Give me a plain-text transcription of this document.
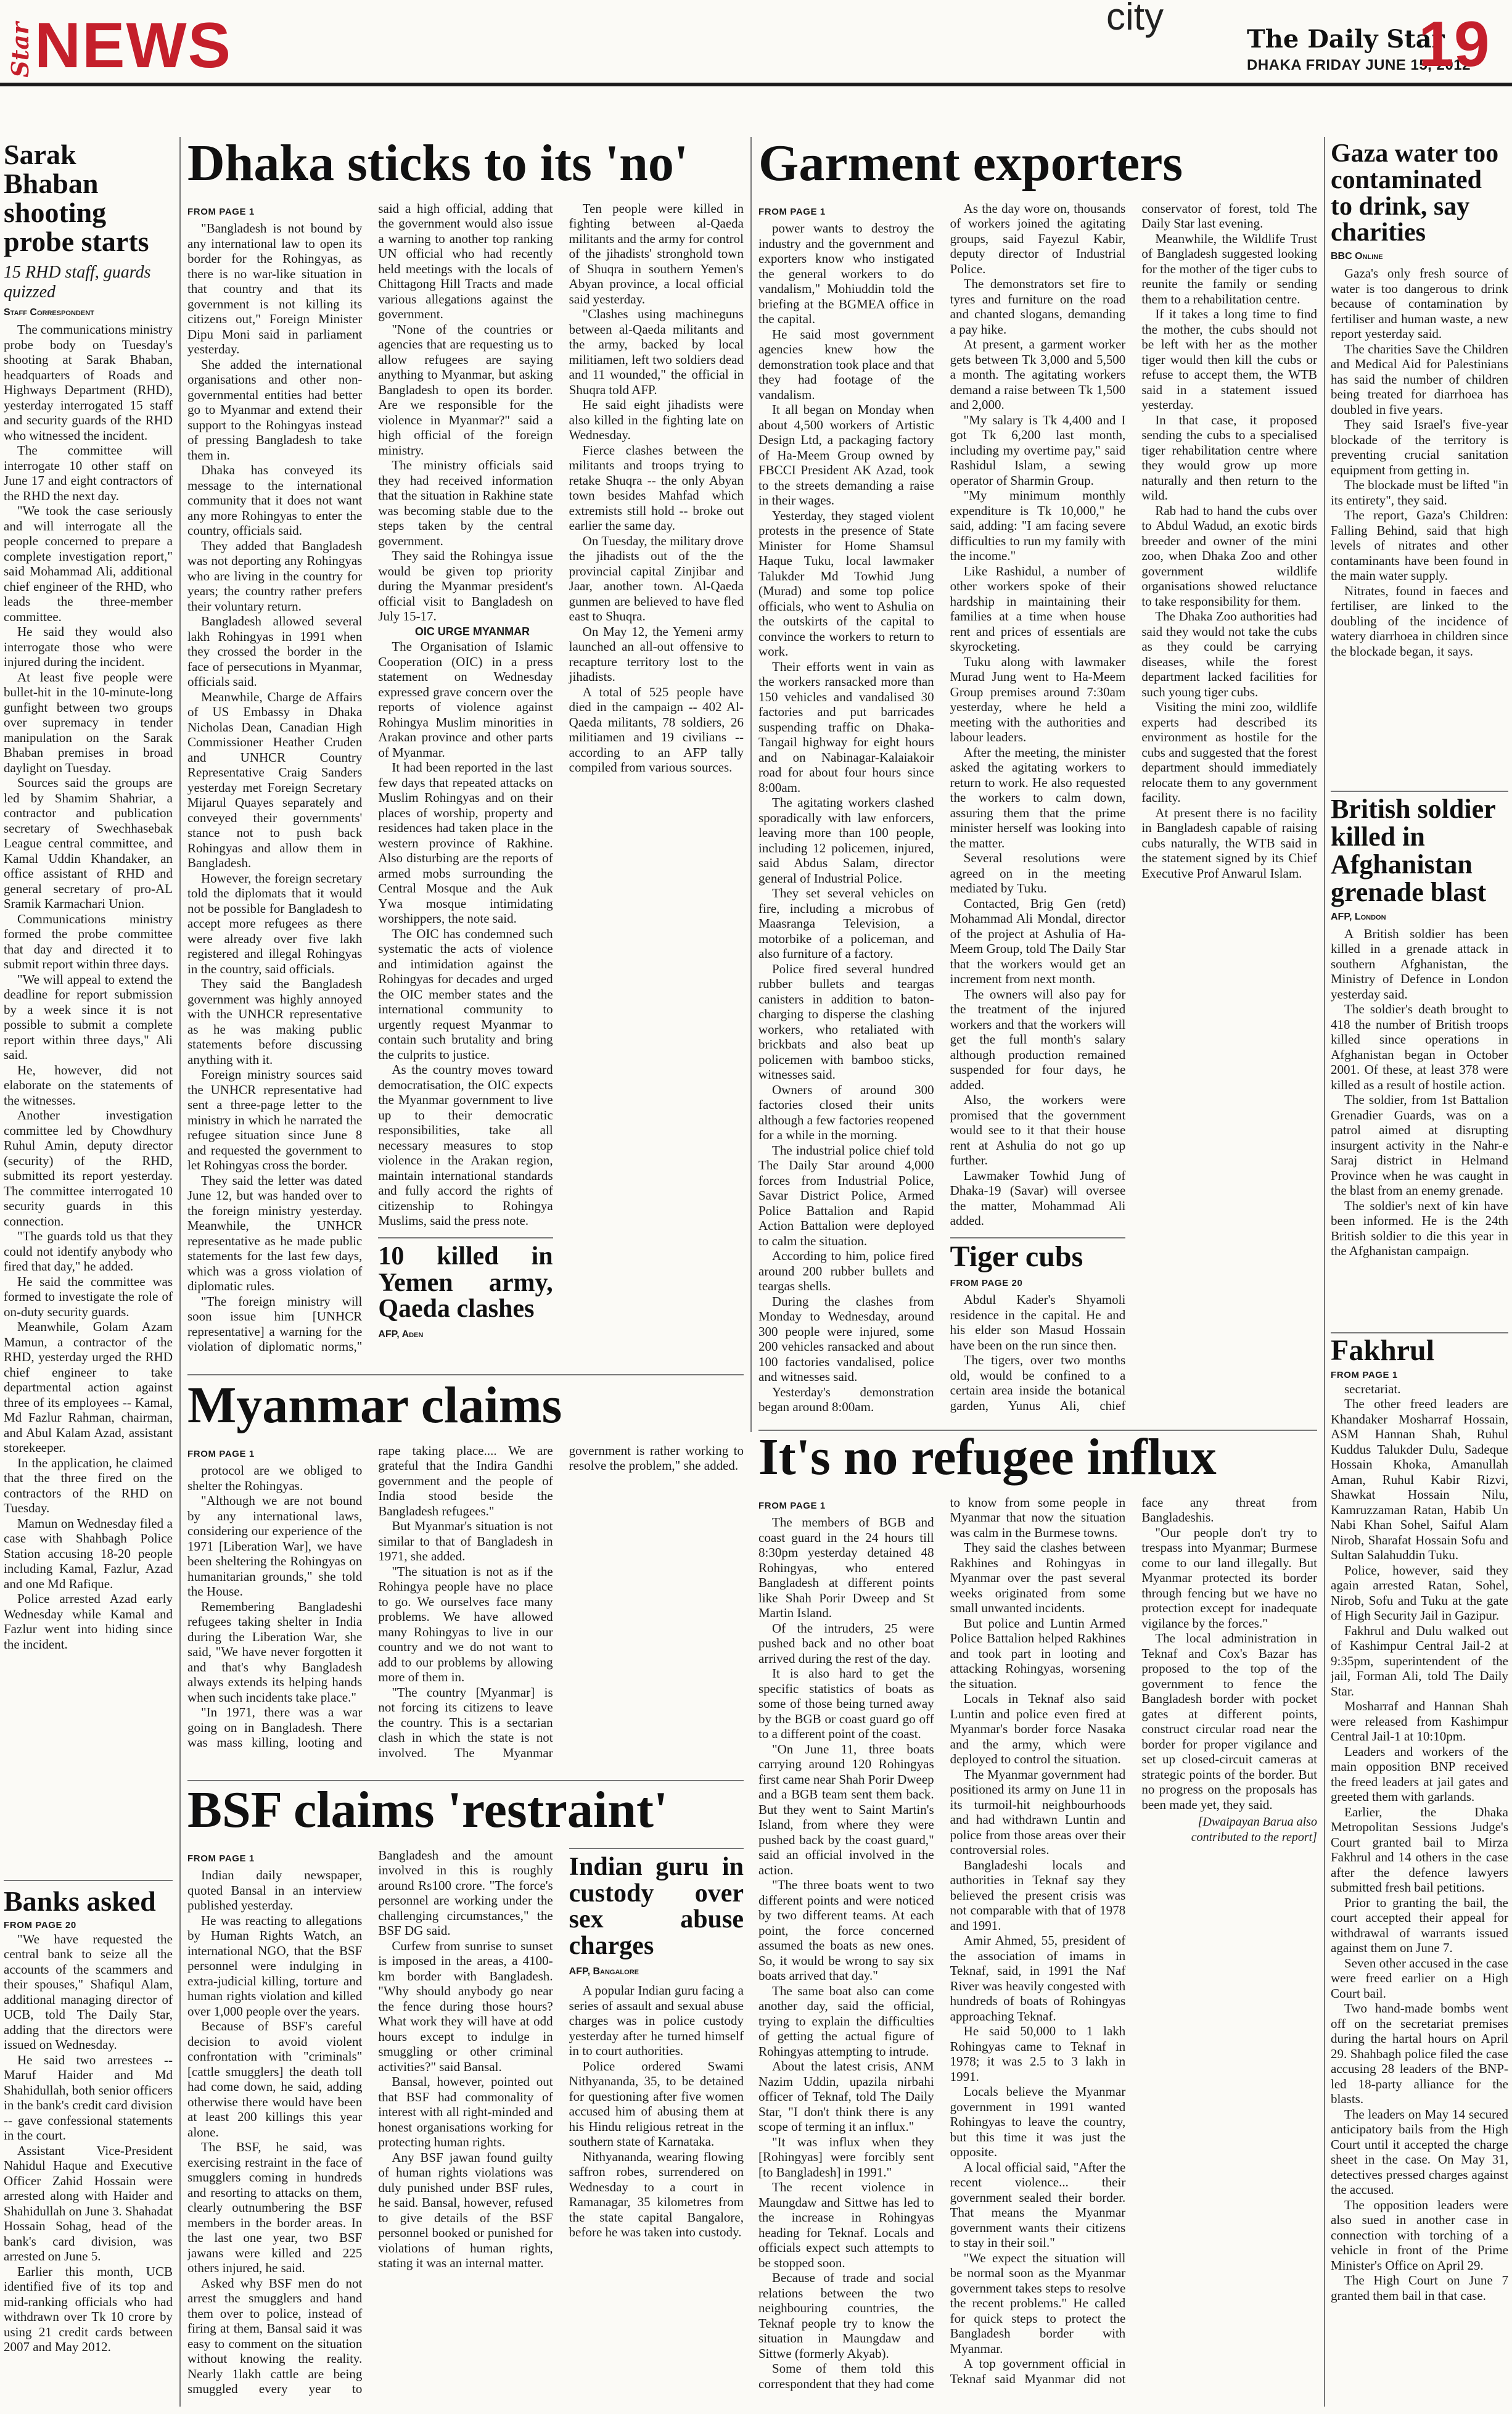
Star NEWS	city
The Daily Star
DHAKA FRIDAY JUNE 15, 2012
19
Sarak Bhaban shooting probe starts
15 RHD staff, guards quizzed
Staff Correspondent

The communications ministry probe body on Tuesday's shooting at Sarak Bhaban, headquarters of Roads and Highways Department (RHD), yesterday interrogated 15 staff and security guards of the RHD who witnessed the incident.

The committee will interrogate 10 other staff on June 17 and eight contractors of the RHD the next day.

"We took the case seriously and will interrogate all the people concerned to prepare a complete investigation report," said Mohammad Ali, additional chief engineer of the RHD, who leads the three-member committee.

He said they would also interrogate those who were injured during the incident.

At least five people were bullet-hit in the 10-minute-long gunfight between two groups over supremacy in tender manipulation on the Sarak Bhaban premises in broad daylight on Tuesday.

Sources said the groups are led by Shamim Shahriar, a contractor and publication secretary of Swechhasebak League central committee, and Kamal Uddin Khandaker, an office assistant of RHD and general secretary of pro-AL Sramik Karmachari Union.

Communications ministry formed the probe committee that day and directed it to submit report within three days.

"We will appeal to extend the deadline for report submission by a week since it is not possible to submit a complete report within three days," Ali said.

He, however, did not elaborate on the statements of the witnesses.

Another investigation committee led by Chowdhury Ruhul Amin, deputy director (security) of the RHD, submitted its report yesterday. The committee interrogated 10 security guards in this connection.

"The guards told us that they could not identify anybody who fired that day," he added.

He said the committee was formed to investigate the role of on-duty security guards.

Meanwhile, Golam Azam Mamun, a contractor of the RHD, yesterday urged the RHD chief engineer to take departmental action against three of its employees -- Kamal, Md Fazlur Rahman, chairman, and Abul Kalam Azad, assistant storekeeper.

In the application, he claimed that the three fired on the contractors of the RHD on Tuesday.

Mamun on Wednesday filed a case with Shahbagh Police Station accusing 18-20 people including Kamal, Fazlur, Azad and one Md Rafique.

Police arrested Azad early Wednesday while Kamal and Fazlur went into hiding since the incident.

Banks asked
FROM PAGE 20

"We have requested the central bank to seize all the accounts of the scammers and their spouses," Shafiqul Alam, additional managing director of UCB, told The Daily Star, adding that the directors were issued on Wednesday.

He said two arrestees -- Maruf Haider and Md Shahidullah, both senior officers in the bank's credit card division -- gave confessional statements in the court.

Assistant Vice-President Nahidul Haque and Executive Officer Zahid Hossain were arrested along with Haider and Shahidullah on June 3. Shahadat Hossain Sohag, head of the bank's card division, was arrested on June 5.

Earlier this month, UCB identified five of its top and mid-ranking officials who had withdrawn over Tk 10 crore by using 21 credit cards between 2007 and May 2012.

Dhaka sticks to its 'no'
FROM PAGE 1

"Bangladesh is not bound by any international law to open its border for the Rohingyas, as there is no war-like situation in that country and that its government is not killing its citizens out," Foreign Minister Dipu Moni said in parliament yesterday.

She added the international organisations and other non-governmental entities had better go to Myanmar and extend their support to the Rohingyas instead of pressing Bangladesh to take them in.

Dhaka has conveyed its message to the international community that it does not want any more Rohingyas to enter the country, officials said.

They added that Bangladesh was not deporting any Rohingyas who are living in the country for years; the country rather prefers their voluntary return.

Bangladesh allowed several lakh Rohingyas in 1991 when they crossed the border in the face of persecutions in Myanmar, officials said.

Meanwhile, Charge de Affairs of US Embassy in Dhaka Nicholas Dean, Canadian High Commissioner Heather Cruden and UNHCR Country Representative Craig Sanders yesterday met Foreign Secretary Mijarul Quayes separately and conveyed their governments' stance not to push back Rohingyas and allow them in Bangladesh.

However, the foreign secretary told the diplomats that it would not be possible for Bangladesh to accept more refugees as there were already over five lakh registered and illegal Rohingyas in the country, said officials.

They said the Bangladesh government was highly annoyed with the UNHCR representative as he was making public statements before discussing anything with it.

Foreign ministry sources said the UNHCR representative had sent a three-page letter to the ministry in which he narrated the refugee situation since June 8 and requested the government to let Rohingyas cross the border.

They said the letter was dated June 12, but was handed over to the foreign ministry yesterday. Meanwhile, the UNHCR representative as he made public statements for the last few days, which was a gross violation of diplomatic rules.

"The foreign ministry will soon issue him [UNHCR representative] a warning for the violation of diplomatic norms," said a high official, adding that the government would also issue a warning to another top ranking UN official who had recently held meetings with the locals of Chittagong Hill Tracts and made various allegations against the government.

"None of the countries or agencies that are requesting us to allow refugees are saying anything to Myanmar, but asking Bangladesh to open its border. Are we responsible for the violence in Myanmar?" said a high official of the foreign ministry.

The ministry officials said they had received information that the situation in Rakhine state was becoming stable due to the steps taken by the central government.

They said the Rohingya issue would be given top priority during the Myanmar president's official visit to Bangladesh on July 15-17.

OIC URGE MYANMAR

The Organisation of Islamic Cooperation (OIC) in a press statement on Wednesday expressed grave concern over the reports of violence against Rohingya Muslim minorities in Arakan province and other parts of Myanmar.

It had been reported in the last few days that repeated attacks on Muslim Rohingyas and on their places of worship, property and residences had taken place in the western province of Rakhine. Also disturbing are the reports of armed mobs surrounding the Central Mosque and the Auk Ywa mosque intimidating worshippers, the note said.

The OIC has condemned such systematic the acts of violence and intimidation against the Rohingyas for decades and urged the OIC member states and the international community to urgently request Myanmar to contain such brutality and bring the culprits to justice.

As the country moves toward democratisation, the OIC expects the Myanmar government to live up to their democratic responsibilities, take all necessary measures to stop violence in the Arakan region, maintain international standards and fully accord the rights of citizenship to Rohingya Muslims, said the press note.

10 killed in Yemen army, Qaeda clashes
AFP, Aden

Ten people were killed in fighting between al-Qaeda militants and the army for control of the jihadists' stronghold town of Shuqra in southern Yemen's Abyan province, a local official said yesterday.

"Clashes using machineguns between al-Qaeda militants and the army, backed by local militiamen, left two soldiers dead and 11 wounded," the official in Shuqra told AFP.

He said eight jihadists were also killed in the fighting late on Wednesday.

Fierce clashes between the militants and troops trying to retake Shuqra -- the only Abyan town besides Mahfad which extremists still hold -- broke out earlier the same day.

On Tuesday, the military drove the jihadists out of the the provincial capital Zinjibar and Jaar, another town. Al-Qaeda gunmen are believed to have fled east to Shuqra.

On May 12, the Yemeni army launched an all-out offensive to recapture territory lost to the jihadists.

A total of 525 people have died in the campaign -- 402 Al-Qaeda militants, 78 soldiers, 26 militiamen and 19 civilians -- according to an AFP tally compiled from various sources.

Myanmar claims
FROM PAGE 1

protocol are we obliged to shelter the Rohingyas.

"Although we are not bound by any international laws, considering our experience of the 1971 [Liberation War], we have been sheltering the Rohingyas on humanitarian grounds," she told the House.

Remembering Bangladeshi refugees taking shelter in India during the Liberation War, she said, "We have never forgotten it and that's why Bangladesh always extends its helping hands when such incidents take place."

"In 1971, there was a war going on in Bangladesh. There was mass killing, looting and rape taking place.... We are grateful that the Indira Gandhi government and the people of India stood beside the Bangladesh refugees."

But Myanmar's situation is not similar to that of Bangladesh in 1971, she added.

"The situation is not as if the Rohingya people have no place to go. We ourselves face many problems. We have allowed many Rohingyas to live in our country and we do not want to add to our problems by allowing more of them in.

"The country [Myanmar] is not forcing its citizens to leave the country. This is a sectarian clash in which the state is not involved. The Myanmar government is rather working to resolve the problem," she added.

BSF claims 'restraint'
FROM PAGE 1

Indian daily newspaper, quoted Bansal in an interview published yesterday.

He was reacting to allegations by Human Rights Watch, an international NGO, that the BSF personnel were indulging in extra-judicial killing, torture and human rights violation and killed over 1,000 people over the years.

Because of BSF's careful decision to avoid violent confrontation with "criminals" [cattle smugglers] the death toll had come down, he said, adding otherwise there would have been at least 200 killings this year alone.

The BSF, he said, was exercising restraint in the face of smugglers coming in hundreds and resorting to attacks on them, clearly outnumbering the BSF members in the border areas. In the last one year, two BSF jawans were killed and 225 others injured, he said.

Asked why BSF men do not arrest the smugglers and hand them over to police, instead of firing at them, Bansal said it was easy to comment on the situation without knowing the reality. Nearly 1lakh cattle are being smuggled every year to Bangladesh and the amount involved in this is roughly around Rs100 crore. "The force's personnel are working under the challenging circumstances," the BSF DG said.

Curfew from sunrise to sunset is imposed in the areas, a 4100-km border with Bangladesh. "Why should anybody go near the fence during those hours? What work they will have at odd hours except to indulge in smuggling or other criminal activities?" said Bansal.

Bansal, however, pointed out that BSF had commonality of interest with all right-minded and honest organisations working for protecting human rights.

Any BSF jawan found guilty of human rights violations was duly punished under BSF rules, he said. Bansal, however, refused to give details of the BSF personnel booked or punished for violations of human rights, stating it was an internal matter.

Indian guru in custody over sex abuse charges
AFP, Bangalore

A popular Indian guru facing a series of assault and sexual abuse charges was in police custody yesterday after he turned himself in to court authorities.

Police ordered Swami Nithyananda, 35, to be detained for questioning after five women accused him of abusing them at his Hindu religious retreat in the southern state of Karnataka.

Nithyananda, wearing flowing saffron robes, surrendered on Wednesday to a court in Ramanagar, 35 kilometres from the state capital Bangalore, before he was taken into custody.

Garment exporters
FROM PAGE 1

power wants to destroy the industry and the government and exporters know who instigated the general workers to do vandalism," Mohiuddin told the briefing at the BGMEA office in the capital.

He said most government agencies knew how the demonstration took place and that they had footage of the vandalism.

It all began on Monday when about 4,500 workers of Artistic Design Ltd, a packaging factory of Ha-Meem Group owned by FBCCI President AK Azad, took to the streets demanding a raise in their wages.

Yesterday, they staged violent protests in the presence of State Minister for Home Shamsul Haque Tuku, local lawmaker Talukder Md Towhid Jung (Murad) and some top police officials, who went to Ashulia on the outskirts of the capital to convince the workers to return to work.

Their efforts went in vain as the workers ransacked more than 150 vehicles and vandalised 30 factories and put barricades suspending traffic on Dhaka-Tangail highway for eight hours and on Nabinagar-Kalaiakoir road for about four hours since 8:00am.

The agitating workers clashed sporadically with law enforcers, leaving more than 100 people, including 12 policemen, injured, said Abdus Salam, director general of Industrial Police.

They set several vehicles on fire, including a microbus of Maasranga Television, a motorbike of a policeman, and also furniture of a factory.

Police fired several hundred rubber bullets and teargas canisters in addition to baton-charging to disperse the clashing workers, who retaliated with brickbats and also beat up policemen with bamboo sticks, witnesses said.

Owners of around 300 factories closed their units although a few factories reopened for a while in the morning.

The industrial police chief told The Daily Star around 4,000 forces from Industrial Police, Savar District Police, Armed Police Battalion and Rapid Action Battalion were deployed to calm the situation.

According to him, police fired around 200 rubber bullets and teargas shells.

During the clashes from Monday to Wednesday, around 300 people were injured, some 200 vehicles ransacked and about 100 factories vandalised, police and witnesses said.

Yesterday's demonstration began around 8:00am.

As the day wore on, thousands of workers joined the agitating groups, said Fayezul Kabir, deputy director of Industrial Police.

The demonstrators set fire to tyres and furniture on the road and chanted slogans, demanding a pay hike.

At present, a garment worker gets between Tk 3,000 and 5,500 a month. The agitating workers demand a raise between Tk 1,500 and 2,000.

"My salary is Tk 4,400 and I got Tk 6,200 last month, including my overtime pay," said Rashidul Islam, a sewing operator of Sharmin Group.

"My minimum monthly expenditure is Tk 10,000," he said, adding: "I am facing severe difficulties to run my family with the income."

Like Rashidul, a number of other workers spoke of their hardship in maintaining their families at a time when house rent and prices of essentials are skyrocketing.

Tuku along with lawmaker Murad Jung went to Ha-Meem Group premises around 7:30am yesterday, where he held a meeting with the authorities and labour leaders.

After the meeting, the minister asked the agitating workers to return to work. He also requested the workers to calm down, assuring them that the prime minister herself was looking into the matter.

Several resolutions were agreed on in the meeting mediated by Tuku.

Contacted, Brig Gen (retd) Mohammad Ali Mondal, director of the project at Ashulia of Ha-Meem Group, told The Daily Star that the workers would get an increment from next month.

The owners will also pay for the treatment of the injured workers and that the workers will get the full month's salary although production remained suspended for four days, he added.

Also, the workers were promised that the government would see to it that their house rent at Ashulia do not go up further.

Lawmaker Towhid Jung of Dhaka-19 (Savar) will oversee the matter, Mohammad Ali added.

Tiger cubs
FROM PAGE 20

Abdul Kader's Shyamoli residence in the capital. He and his elder son Masud Hossain have been on the run since then.

The tigers, over two months old, would be confined to a certain area inside the botanical garden, Yunus Ali, chief conservator of forest, told The Daily Star last evening.

Meanwhile, the Wildlife Trust of Bangladesh suggested looking for the mother of the tiger cubs to reunite the family or sending them to a rehabilitation centre.

If it takes a long time to find the mother, the cubs should not be left with her as the mother tiger would then kill the cubs or refuse to accept them, the WTB said in a statement issued yesterday.

In that case, it proposed sending the cubs to a specialised tiger rehabilitation centre where they would grow up more naturally and then return to the wild.

Rab had to hand the cubs over to Abdul Wadud, an exotic birds breeder and owner of the mini zoo, when Dhaka Zoo and other government wildlife organisations showed reluctance to take responsibility for them.

The Dhaka Zoo authorities had said they would not take the cubs as they could be carrying diseases, while the forest department lacked facilities for such young tiger cubs.

Visiting the mini zoo, wildlife experts had described its environment as hostile for the cubs and suggested that the forest department should immediately relocate them to any government facility.

At present there is no facility in Bangladesh capable of raising cubs naturally, the WTB said in the statement signed by its Chief Executive Prof Anwarul Islam.

It's no refugee influx
FROM PAGE 1

The members of BGB and coast guard in the 24 hours till 8:30pm yesterday detained 48 Rohingyas, who entered Bangladesh at different points like Shah Porir Dweep and St Martin Island.

Of the intruders, 25 were pushed back and no other boat arrived during the rest of the day.

It is also hard to get the specific statistics of boats as some of those being turned away by the BGB or coast guard go off to a different point of the coast.

"On June 11, three boats carrying around 120 Rohingyas first came near Shah Porir Dweep and a BGB team sent them back. But they went to Saint Martin's Island, from where they were pushed back by the coast guard," said an official involved in the action.

"The three boats went to two different points and were noticed by two different teams. At each point, the force concerned assumed the boats as new ones. So, it would be wrong to say six boats arrived that day."

The same boat also can come another day, said the official, trying to explain the difficulties of getting the actual figure of Rohingyas attempting to intrude.

About the latest crisis, ANM Nazim Uddin, upazila nirbahi officer of Teknaf, told The Daily Star, "I don't think there is any scope of terming it an influx."

"It was influx when they [Rohingyas] were forcibly sent [to Bangladesh] in 1991."

The recent violence in Maungdaw and Sittwe has led to the increase in Rohingyas heading for Teknaf. Locals and officials expect such attempts to be stopped soon.

Because of trade and social relations between the two neighbouring countries, the Teknaf people try to know the situation in Maungdaw and Sittwe (formerly Akyab).

Some of them told this correspondent that they had come to know from some people in Myanmar that now the situation was calm in the Burmese towns.

They said the clashes between Rakhines and Rohingyas in Myanmar over the past several weeks originated from some small unwanted incidents.

But police and Luntin Armed Police Battalion helped Rakhines and took part in looting and attacking Rohingyas, worsening the situation.

Locals in Teknaf also said Luntin and police even fired at Myanmar's border force Nasaka and the army, which were deployed to control the situation.

The Myanmar government had positioned its army on June 11 in its turmoil-hit neighbourhoods and had withdrawn Luntin and police from those areas over their controversial roles.

Bangladeshi locals and authorities in Teknaf say they believed the present crisis was not comparable with that of 1978 and 1991.

Amir Ahmed, 55, president of the association of imams in Teknaf, said, in 1991 the Naf River was heavily congested with hundreds of boats of Rohingyas approaching Teknaf.

He said 50,000 to 1 lakh Rohingyas came to Teknaf in 1978; it was 2.5 to 3 lakh in 1991.

Locals believe the Myanmar government in 1991 wanted Rohingyas to leave the country, but this time it was just the opposite.

A local official said, "After the recent violence... their government sealed their border. That means the Myanmar government wants their citizens to stay in their soil."

"We expect the situation will be normal soon as the Myanmar government takes steps to resolve the recent problems." He called for quick steps to protect the Bangladesh border with Myanmar.

A top government official in Teknaf said Myanmar did not face any threat from Bangladeshis.

"Our people don't try to trespass into Myanmar; Burmese come to our land illegally. But Myanmar protected its border through fencing but we have no protection except for inadequate vigilance by the forces."

The local administration in Teknaf and Cox's Bazar has proposed to the top of the government to fence the Bangladesh border with pocket gates at different points, construct circular road near the border for proper vigilance and set up closed-circuit cameras at strategic points of the border. But no progress on the proposals has been made yet, they said.

[Dwaipayan Barua also contributed to the report]
Gaza water too contaminated to drink, say charities
BBC Online

Gaza's only fresh source of water is too dangerous to drink because of contamination by fertiliser and human waste, a new report yesterday said.

The charities Save the Children and Medical Aid for Palestinians has said the number of children being treated for diarrhoea has doubled in five years.

They said Israel's five-year blockade of the territory is preventing crucial sanitation equipment from getting in.

The blockade must be lifted "in its entirety", they said.

The report, Gaza's Children: Falling Behind, said that high levels of nitrates and other contaminants have been found in the main water supply.

Nitrates, found in faeces and fertiliser, are linked to the doubling of the incidence of watery diarrhoea in children since the blockade began, it says.

British soldier killed in Afghanistan grenade blast
AFP, London

A British soldier has been killed in a grenade attack in southern Afghanistan, the Ministry of Defence in London yesterday said.

The soldier's death brought to 418 the number of British troops killed since operations in Afghanistan began in October 2001. Of these, at least 378 were killed as a result of hostile action.

The soldier, from 1st Battalion Grenadier Guards, was on a patrol aimed at disrupting insurgent activity in the Nahr-e Saraj district in Helmand Province when he was caught in the blast from an enemy grenade.

The soldier's next of kin have been informed. He is the 24th British soldier to die this year in the Afghanistan campaign.

Fakhrul
FROM PAGE 1

secretariat.

The other freed leaders are Khandaker Mosharraf Hossain, ASM Hannan Shah, Ruhul Kuddus Talukder Dulu, Sadeque Hossain Khoka, Amanullah Aman, Ruhul Kabir Rizvi, Shawkat Hossain Nilu, Kamruzzaman Ratan, Habib Un Nabi Khan Sohel, Saiful Alam Nirob, Sharafat Hossain Sofu and Sultan Salahuddin Tuku.

Police, however, said they again arrested Ratan, Sohel, Nirob, Sofu and Tuku at the gate of High Security Jail in Gazipur.

Fakhrul and Dulu walked out of Kashimpur Central Jail-2 at 9:35pm, superintendent of the jail, Forman Ali, told The Daily Star.

Mosharraf and Hannan Shah were released from Kashimpur Central Jail-1 at 10:10pm.

Leaders and workers of the main opposition BNP received the freed leaders at jail gates and greeted them with garlands.

Earlier, the Dhaka Metropolitan Sessions Judge's Court granted bail to Mirza Fakhrul and 14 others in the case after the defence lawyers submitted fresh bail petitions.

Prior to granting the bail, the court accepted their appeal for withdrawal of warrants issued against them on June 7.

Seven other accused in the case were freed earlier on a High Court bail.

Two hand-made bombs went off on the secretariat premises during the hartal hours on April 29. Shahbagh police filed the case accusing 28 leaders of the BNP-led 18-party alliance for the blasts.

The leaders on May 14 secured anticipatory bails from the High Court until it accepted the charge sheet in the case. On May 31, detectives pressed charges against the accused.

The opposition leaders were also sued in another case in connection with torching of a vehicle in front of the Prime Minister's Office on April 29.

The High Court on June 7 granted them bail in that case.
